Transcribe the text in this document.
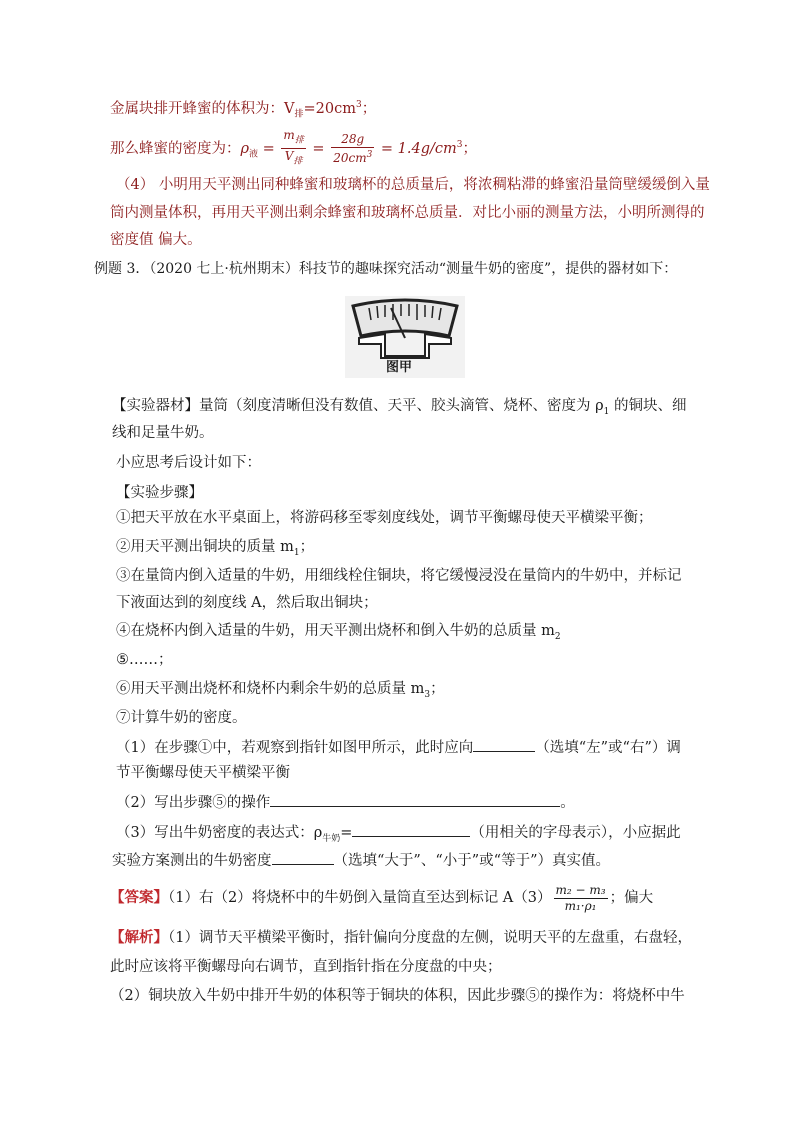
金属块排开蜂蜜的体积为：$V_排=20cm^3$；
那么蜂蜜的密度为：$\rho_液 = \frac{m_排}{V_排} = \frac{28g}{20cm^3} = 1.4g/cm^3$；
（4） 小明用天平测出同种蜂蜜和玻璃杯的总质量后，将浓稠粘滞的蜂蜜沿量筒壁缓缓倒入量
筒内测量体积，再用天平测出剩余蜂蜜和玻璃杯总质量．对比小丽的测量方法，小明所测得的
密度值 偏大。
例题 3．（2020 七上·杭州期末）科技节的趣味探究活动“测量牛奶的密度”，提供的器材如下：
图甲
【实验器材】量筒（刻度清晰但没有数值、天平、胶头滴管、烧杯、密度为 $\rho_1$ 的铜块、细
线和足量牛奶。
小应思考后设计如下：
【实验步骤】
①把天平放在水平桌面上，将游码移至零刻度线处，调节平衡螺母使天平横梁平衡；
②用天平测出铜块的质量 $m_1$；
③在量筒内倒入适量的牛奶，用细线栓住铜块，将它缓慢浸没在量筒内的牛奶中，并标记
下液面达到的刻度线 A，然后取出铜块；
④在烧杯内倒入适量的牛奶，用天平测出烧杯和倒入牛奶的总质量 $m_2$
⑤……；
⑥用天平测出烧杯和烧杯内剩余牛奶的总质量 $m_3$；
⑦计算牛奶的密度。
（1）在步骤①中，若观察到指针如图甲所示，此时应向	（选填“左”或“右”）调
节平衡螺母使天平横梁平衡
（2）写出步骤⑤的操作	。
（3）写出牛奶密度的表达式：$\rho_{牛奶}=$	（用相关的字母表示），小应据此
实验方案测出的牛奶密度	（选填“大于”、“小于”或“等于”）真实值。
【答案】（1）右（2）将烧杯中的牛奶倒入量筒直至达到标记 $A(3) \frac{\text{m₂ − m₃}}{\text{m₁·ρ₁}}$ ；偏大
【解析】（1）调节天平横梁平衡时，指针偏向分度盘的左侧，说明天平的左盘重，右盘轻，
此时应该将平衡螺母向右调节，直到指针指在分度盘的中央；
（2）铜块放入牛奶中排开牛奶的体积等于铜块的体积，因此步骤⑤的操作为：将烧杯中牛
